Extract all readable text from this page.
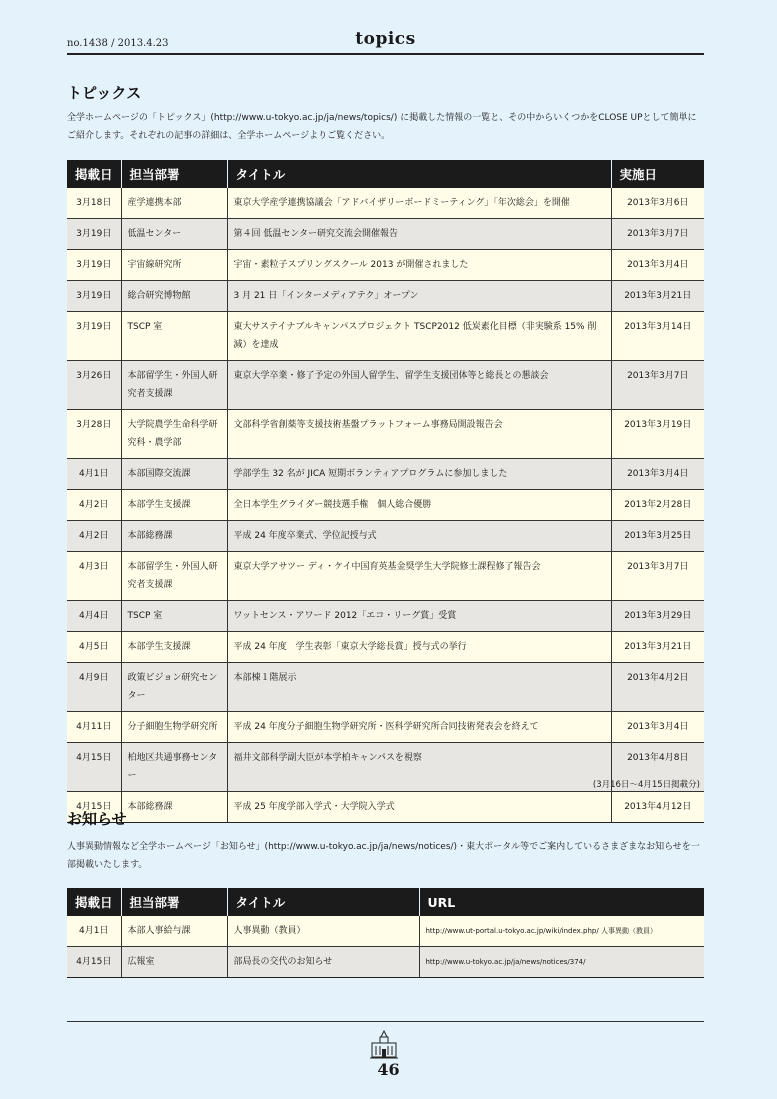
no.1438 / 2013.4.23	topics
トピックス
全学ホームページの「トピックス」(http://www.u-tokyo.ac.jp/ja/news/topics/) に掲載した情報の一覧と、その中からいくつかをCLOSE UPとして簡単にご紹介します。それぞれの記事の詳細は、全学ホームページよりご覧ください。
掲載日	担当部署	タイトル	実施日
3月18日	産学連携本部	東京大学産学連携協議会「アドバイザリーボードミーティング」「年次総会」を開催	2013年3月6日
3月19日	低温センター	第４回 低温センター研究交流会開催報告	2013年3月7日
3月19日	宇宙線研究所	宇宙・素粒子スプリングスクール 2013 が開催されました	2013年3月4日
3月19日	総合研究博物館	3 月 21 日「インターメディアテク」オープン	2013年3月21日
3月19日	TSCP 室	東大サステイナブルキャンパスプロジェクト TSCP2012 低炭素化目標（非実験系 15% 削減）を達成	2013年3月14日
3月26日	本部留学生・外国人研究者支援課	東京大学卒業・修了予定の外国人留学生、留学生支援団体等と総長との懇談会	2013年3月7日
3月28日	大学院農学生命科学研究科・農学部	文部科学省創薬等支援技術基盤プラットフォーム事務局開設報告会	2013年3月19日
4月1日	本部国際交流課	学部学生 32 名が JICA 短期ボランティアプログラムに参加しました	2013年3月4日
4月2日	本部学生支援課	全日本学生グライダー競技選手権　個人総合優勝	2013年2月28日
4月2日	本部総務課	平成 24 年度卒業式、学位記授与式	2013年3月25日
4月3日	本部留学生・外国人研究者支援課	東京大学アサツー ディ・ケイ中国育英基金奨学生大学院修士課程修了報告会	2013年3月7日
4月4日	TSCP 室	ワットセンス・アワード 2012「エコ・リーグ賞」受賞	2013年3月29日
4月5日	本部学生支援課	平成 24 年度　学生表彰「東京大学総長賞」授与式の挙行	2013年3月21日
4月9日	政策ビジョン研究センター	本部棟１階展示	2013年4月2日
4月11日	分子細胞生物学研究所	平成 24 年度分子細胞生物学研究所・医科学研究所合同技術発表会を終えて	2013年3月4日
4月15日	柏地区共通事務センター	福井文部科学副大臣が本学柏キャンパスを視察	2013年4月8日
4月15日	本部総務課	平成 25 年度学部入学式・大学院入学式	2013年4月12日
(3月16日〜4月15日掲載分)
お知らせ
人事異動情報など全学ホームページ「お知らせ」(http://www.u-tokyo.ac.jp/ja/news/notices/)・東大ポータル等でご案内しているさまざまなお知らせを一部掲載いたします。
掲載日	担当部署	タイトル	URL
4月1日	本部人事給与課	人事異動（教員）	http://www.ut-portal.u-tokyo.ac.jp/wiki/index.php/ 人事異動（教員）
4月15日	広報室	部局長の交代のお知らせ	http://www.u-tokyo.ac.jp/ja/news/notices/374/
46
